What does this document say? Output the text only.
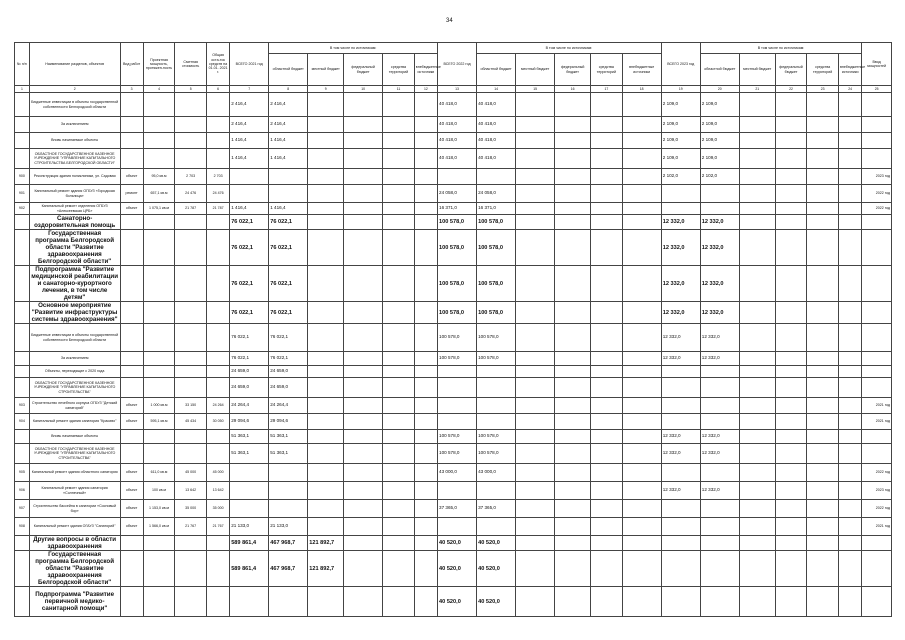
34
№ п/п	Наименование разделов, объектов	Вид работ	Проектная мощность, протяжен-ность	Сметная стоимость	Общая оста-ток средств на 01.01. 2021 г.	ВСЕГО 2021 год	В том числе по источникам:					ВСЕГО 2022 год	В том числе по источникам:					ВСЕГО 2023 год	В том числе по источникам:					Ввод мощностей
							областной бюджет	местный бюджет	федеральный бюджет	средства территорий	внебюджетные источники		областной бюджет	местный бюджет	федеральный бюджет	средства территорий	внебюджетные источники		областной бюджет	местный бюджет	федеральный бюджет	средства территорий	внебюджетные источники	
1	2	3	4	5	6	7	8	9	10	11	12	13	14	15	16	17	18	19	20	21	22	23	24	25
	Бюджетные инвестиции в объекты государственной собственности Белгородской области					2 416,4	2 416,4					40 418,0	40 418,0					2 109,0	2 109,0					
	За исключением					2 416,4	2 416,4					40 418,0	40 418,0					2 109,0	2 109,0					
	Вновь начинаемые объекты					1 416,4	1 416,4					40 418,0	40 418,0					2 109,0	2 109,0					
	ОБЛАСТНОЕ ГОСУДАРСТВЕННОЕ КАЗЕННОЕ УЧРЕЖДЕНИЕ "УПРАВЛЕНИЕ КАПИТАЛЬНОГО СТРОИТЕЛЬСТВА БЕЛГОРОДСКОЙ ОБЛАСТИ"					1 416,4	1 416,4					40 418,0	40 418,0					2 109,0	2 109,0					
900	Реконструкция здания поликлиники, ул. Садовая	объект	95,0 кв.м	2 703	2 703													2 102,0	2 102,0					2023 год
901	Капитальный ремонт здания ОГБУЗ «Городская больница»	ремонт	657,1 кв.м	24 476	24 476							24 058,0	24 058,0											2022 год
902	Капитальный ремонт отделения ОГБУЗ «Алексеевская ЦРБ»	объект	1 075,1 кв.м	21 787	21 787	1 416,4	1 416,4					16 371,0	16 371,0											2022 год
	Санаторно-оздоровительная помощь					76 022,1	76 022,1					100 578,0	100 578,0					12 332,0	12 332,0					
	Государственная программа Белгородской области "Развитие здравоохранения Белгородской области"					76 022,1	76 022,1					100 578,0	100 578,0					12 332,0	12 332,0					
	Подпрограмма "Развитие медицинской реабилитации и санаторно-курортного лечения, в том числе детям"					76 022,1	76 022,1					100 578,0	100 578,0					12 332,0	12 332,0					
	Основное мероприятие "Развитие инфраструктуры системы здравоохранения"					76 022,1	76 022,1					100 578,0	100 578,0					12 332,0	12 332,0					
	Бюджетные инвестиции в объекты государственной собственности Белгородской области					76 022,1	76 022,1					100 578,0	100 578,0					12 332,0	12 332,0					
	За исключением					76 022,1	76 022,1					100 578,0	100 578,0					12 332,0	12 332,0					
	Объекты, переходящие с 2020 года					24 659,0	24 659,0																	
	ОБЛАСТНОЕ ГОСУДАРСТВЕННОЕ КАЗЕННОЕ УЧРЕЖДЕНИЕ "УПРАВЛЕНИЕ КАПИТАЛЬНОГО СТРОИТЕЛЬСТВА"					24 659,0	24 659,0																	
903	Строительство лечебного корпуса ОГБУЗ "Детский санаторий"	объект	1 000 кв.м	33 150	24 264	24 264,4	24 264,4																	2021 год
904	Капитальный ремонт здания санатория "Красиво"	объект	595,1 кв.м	45 434	30 050	29 094,6	29 094,6																	2021 год
	Вновь начинаемые объекты					51 363,1	51 363,1					100 578,0	100 578,0					12 332,0	12 332,0					
	ОБЛАСТНОЕ ГОСУДАРСТВЕННОЕ КАЗЕННОЕ УЧРЕЖДЕНИЕ "УПРАВЛЕНИЕ КАПИТАЛЬНОГО СТРОИТЕЛЬСТВА"					51 363,1	51 363,1					100 578,0	100 578,0					12 332,0	12 332,0					
905	Капитальный ремонт здания областного санатория	объект	611,0 кв.м	45 000	45 000							43 000,0	43 000,0											2022 год
906	Капитальный ремонт здания санатория «Солнечный»	объект	100 кв.м	13 642	13 642													12 332,0	12 332,0					2023 год
907	Строительство бассейна в санатории «Сосновый бор»	объект	1 153,0 кв.м	35 000	35 000							37 365,0	37 365,0											2022 год
908	Капитальный ремонт здания ОГАУЗ "Санаторий"	объект	1 566,0 кв.м	21 767	21 767	21 133,0	21 133,0																	2021 год
	Другие вопросы в области здравоохранения					589 861,4	467 968,7	121 892,7				40 520,0	40 520,0											
	Государственная программа Белгородской области "Развитие здравоохранения Белгородской области"					589 861,4	467 968,7	121 892,7				40 520,0	40 520,0											
	Подпрограмма "Развитие первичной медико-санитарной помощи"											40 520,0	40 520,0											
